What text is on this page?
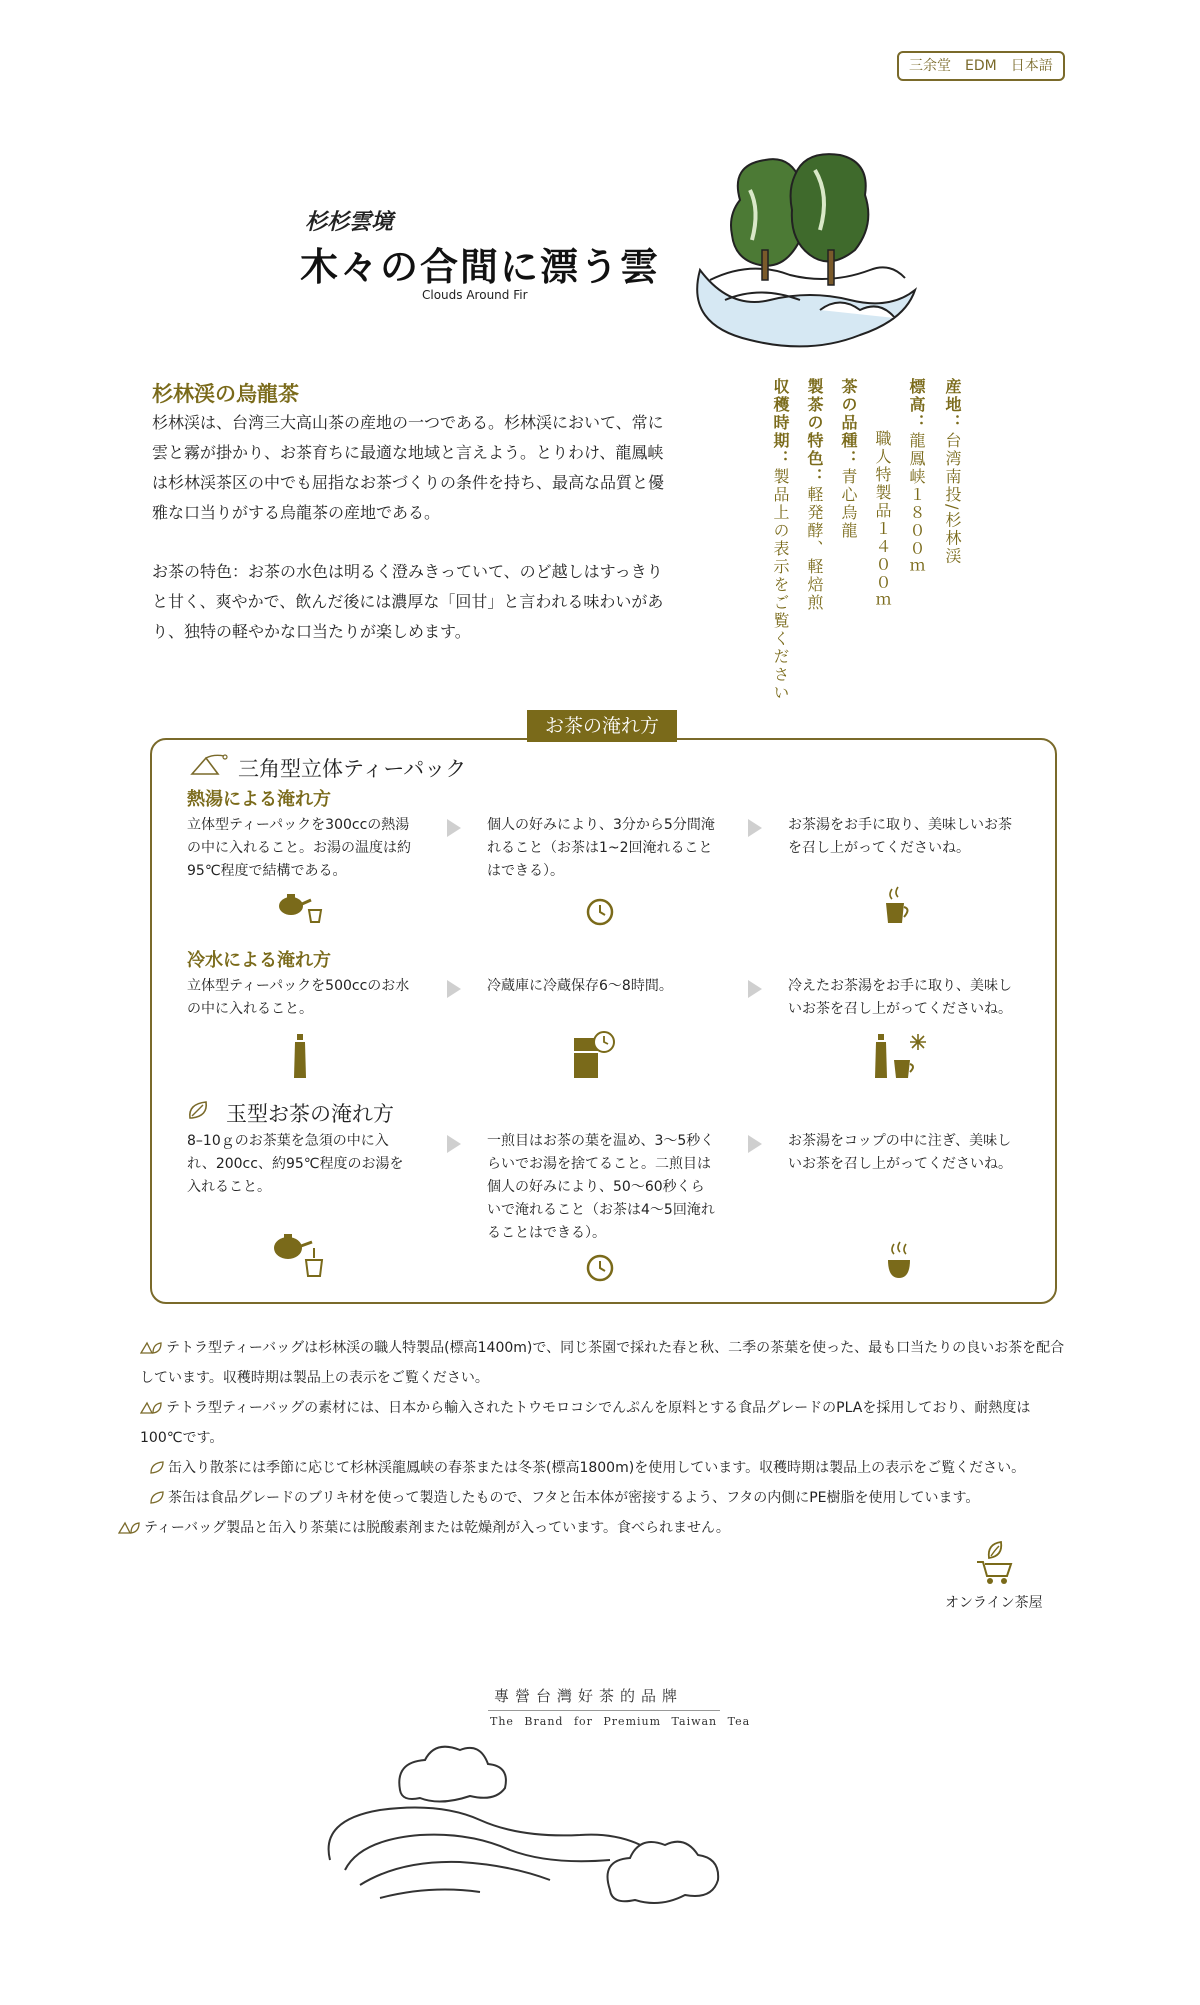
三余堂　EDM　日本語
杉杉雲境
木々の合間に漂う雲
Clouds Around Fir
杉林渓の烏龍茶
杉林渓は、台湾三大高山茶の産地の一つである。杉林渓において、常に雲と霧が掛かり、お茶育ちに最適な地域と言えよう。とりわけ、龍鳳峡は杉林渓茶区の中でも屈指なお茶づくりの条件を持ち、最高な品質と優雅な口当りがする烏龍茶の産地である。
お茶の特色：お茶の水色は明るく澄みきっていて、のど越しはすっきりと甘く、爽やかで、飲んだ後には濃厚な「回甘」と言われる味わいがあり、独特の軽やかな口当たりが楽しめます。
産地：台湾南投/杉林渓
標高：龍鳳峡１８００ｍ
職人特製品１４００ｍ
茶の品種：青心烏龍
製茶の特色：軽発酵、軽焙煎
収穫時期：製品上の表示をご覧ください
お茶の淹れ方
三角型立体ティーパック
熱湯による淹れ方
立体型ティーパックを300ccの熱湯の中に入れること。お湯の温度は約95℃程度で結構である。
個人の好みにより、3分から5分間淹れること（お茶は1~2回淹れることはできる）。
お茶湯をお手に取り、美味しいお茶を召し上がってくださいね。
冷水による淹れ方
立体型ティーパックを500ccのお水の中に入れること。
冷蔵庫に冷蔵保存6～8時間。	冷えたお茶湯をお手に取り、美味しいお茶を召し上がってくださいね。
玉型お茶の淹れ方
8–10ｇのお茶葉を急須の中に入れ、200cc、約95℃程度のお湯を入れること。
一煎目はお茶の葉を温め、3～5秒くらいでお湯を捨てること。二煎目は個人の好みにより、50～60秒くらいで淹れること（お茶は4～5回淹れることはできる）。
お茶湯をコップの中に注ぎ、美味しいお茶を召し上がってくださいね。
テトラ型ティーバッグは杉林渓の職人特製品(標高1400m)で、同じ茶園で採れた春と秋、二季の茶葉を使った、最も口当たりの良いお茶を配合しています。収穫時期は製品上の表示をご覧ください。
テトラ型ティーバッグの素材には、日本から輸入されたトウモロコシでんぷんを原料とする食品グレードのPLAを採用しており、耐熱度は100℃です。
缶入り散茶には季節に応じて杉林渓龍鳳峡の春茶または冬茶(標高1800m)を使用しています。収穫時期は製品上の表示をご覧ください。
茶缶は食品グレードのブリキ材を使って製造したもので、フタと缶本体が密接するよう、フタの内側にPE樹脂を使用しています。
ティーバッグ製品と缶入り茶葉には脱酸素剤または乾燥剤が入っています。食べられません。
オンライン茶屋
專營台灣好茶的品牌
The Brand for Premium Taiwan Tea
